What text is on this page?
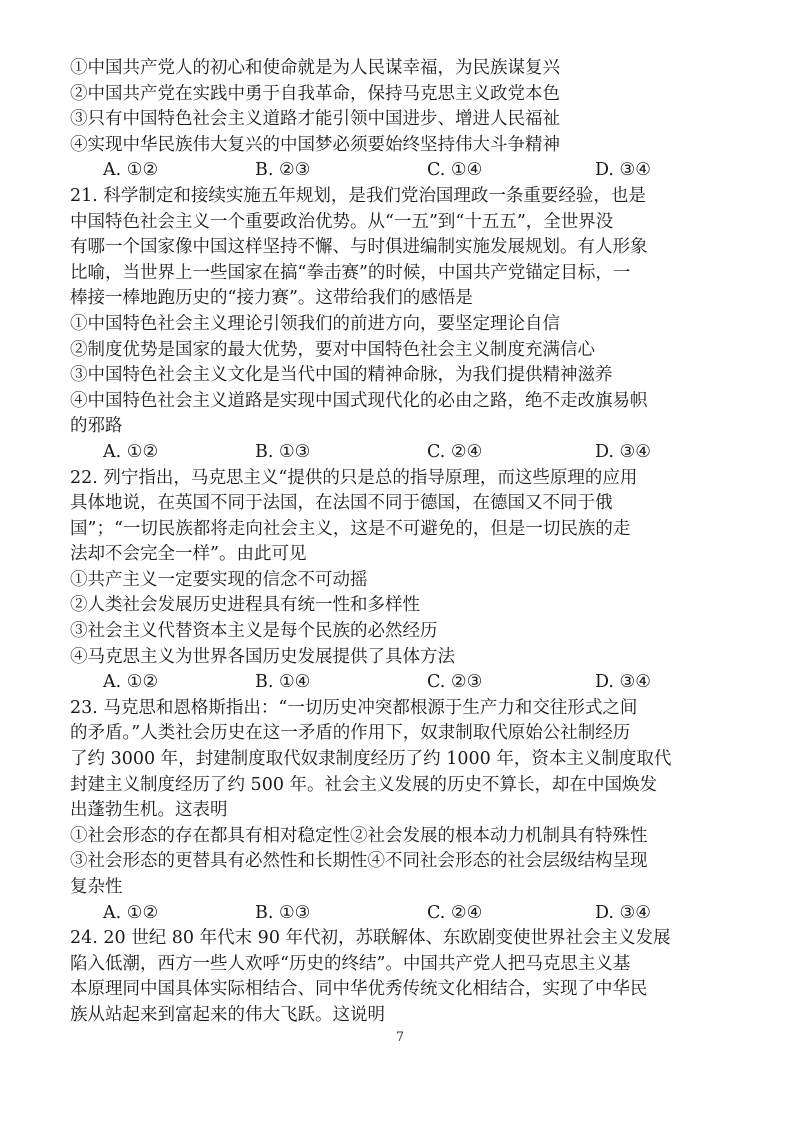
①中国共产党人的初心和使命就是为人民谋幸福，为民族谋复兴
②中国共产党在实践中勇于自我革命，保持马克思主义政党本色
③只有中国特色社会主义道路才能引领中国进步、增进人民福祉
④实现中华民族伟大复兴的中国梦必须要始终坚持伟大斗争精神
A. ①②	B. ②③	C. ①④	D. ③④
21. 科学制定和接续实施五年规划，是我们党治国理政一条重要经验，也是
中国特色社会主义一个重要政治优势。从“一五”到“十五五”，全世界没
有哪一个国家像中国这样坚持不懈、与时俱进编制实施发展规划。有人形象
比喻，当世界上一些国家在搞“拳击赛”的时候，中国共产党锚定目标，一
棒接一棒地跑历史的“接力赛”。这带给我们的感悟是
①中国特色社会主义理论引领我们的前进方向，要坚定理论自信
②制度优势是国家的最大优势，要对中国特色社会主义制度充满信心
③中国特色社会主义文化是当代中国的精神命脉，为我们提供精神滋养
④中国特色社会主义道路是实现中国式现代化的必由之路，绝不走改旗易帜
的邪路
A. ①②	B. ①③	C. ②④	D. ③④
22. 列宁指出，马克思主义“提供的只是总的指导原理，而这些原理的应用
具体地说，在英国不同于法国，在法国不同于德国，在德国又不同于俄
国”；“一切民族都将走向社会主义，这是不可避免的，但是一切民族的走
法却不会完全一样”。由此可见
①共产主义一定要实现的信念不可动摇
②人类社会发展历史进程具有统一性和多样性
③社会主义代替资本主义是每个民族的必然经历
④马克思主义为世界各国历史发展提供了具体方法
A. ①②	B. ①④	C. ②③	D. ③④
23. 马克思和恩格斯指出：“一切历史冲突都根源于生产力和交往形式之间
的矛盾。”人类社会历史在这一矛盾的作用下，奴隶制取代原始公社制经历
了约 3000 年，封建制度取代奴隶制度经历了约 1000 年，资本主义制度取代
封建主义制度经历了约 500 年。社会主义发展的历史不算长，却在中国焕发
出蓬勃生机。这表明
①社会形态的存在都具有相对稳定性②社会发展的根本动力机制具有特殊性
③社会形态的更替具有必然性和长期性④不同社会形态的社会层级结构呈现
复杂性
A. ①②	B. ①③	C. ②④	D. ③④
24. 20 世纪 80 年代末 90 年代初，苏联解体、东欧剧变使世界社会主义发展
陷入低潮，西方一些人欢呼“历史的终结”。中国共产党人把马克思主义基
本原理同中国具体实际相结合、同中华优秀传统文化相结合，实现了中华民
族从站起来到富起来的伟大飞跃。这说明
7
